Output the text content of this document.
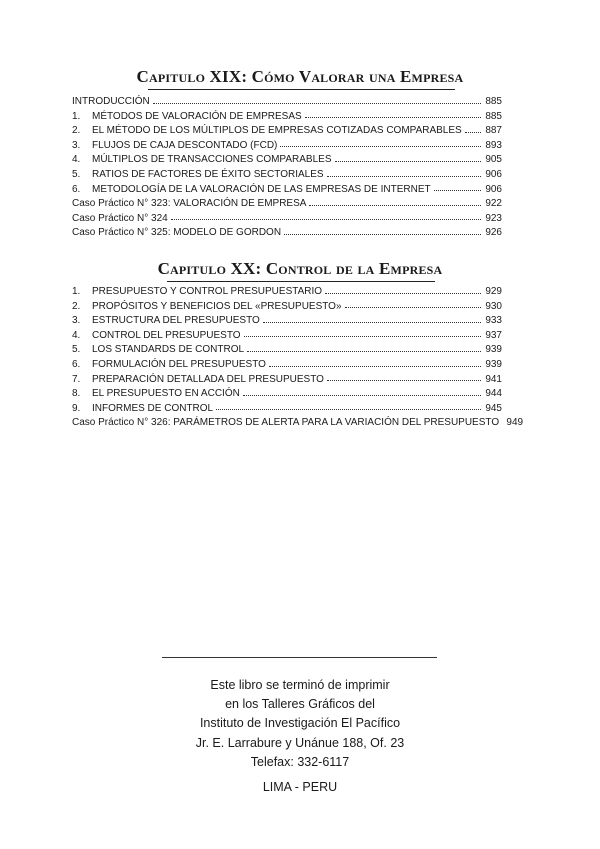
Capitulo XIX: Cómo Valorar una Empresa
INTRODUCCIÓN	885
1.	MÉTODOS DE VALORACIÓN DE EMPRESAS	885
2.	EL MÉTODO DE LOS MÚLTIPLOS DE EMPRESAS COTIZADAS COMPARABLES 887
3.	FLUJOS DE CAJA DESCONTADO (FCD)	893
4.	MÚLTIPLOS DE TRANSACCIONES COMPARABLES	905
5.	RATIOS DE FACTORES DE ÉXITO SECTORIALES	906
6.	METODOLOGÍA DE LA VALORACIÓN DE LAS EMPRESAS DE INTERNET	906
Caso Práctico N° 323: VALORACIÓN DE EMPRESA	922
Caso Práctico N° 324	923
Caso Práctico N° 325: MODELO DE GORDON	926
Capitulo XX: Control de la Empresa
1.	PRESUPUESTO Y CONTROL PRESUPUESTARIO	929
2.	PROPÓSITOS Y BENEFICIOS DEL «PRESUPUESTO»	930
3.	ESTRUCTURA DEL PRESUPUESTO	933
4.	CONTROL DEL PRESUPUESTO	937
5.	LOS STANDARDS DE CONTROL	939
6.	FORMULACIÓN DEL PRESUPUESTO	939
7.	PREPARACIÓN DETALLADA DEL PRESUPUESTO	941
8.	EL PRESUPUESTO EN ACCIÓN	944
9.	INFORMES DE CONTROL	945
Caso Práctico N° 326: PARÁMETROS DE ALERTA PARA LA VARIACIÓN DEL PRESUPUESTO 949
Este libro se terminó de imprimir
en los Talleres Gráficos del
Instituto de Investigación El Pacífico
Jr. E. Larrabure y Unánue 188, Of. 23
Telefax: 332-6117
LIMA - PERU
